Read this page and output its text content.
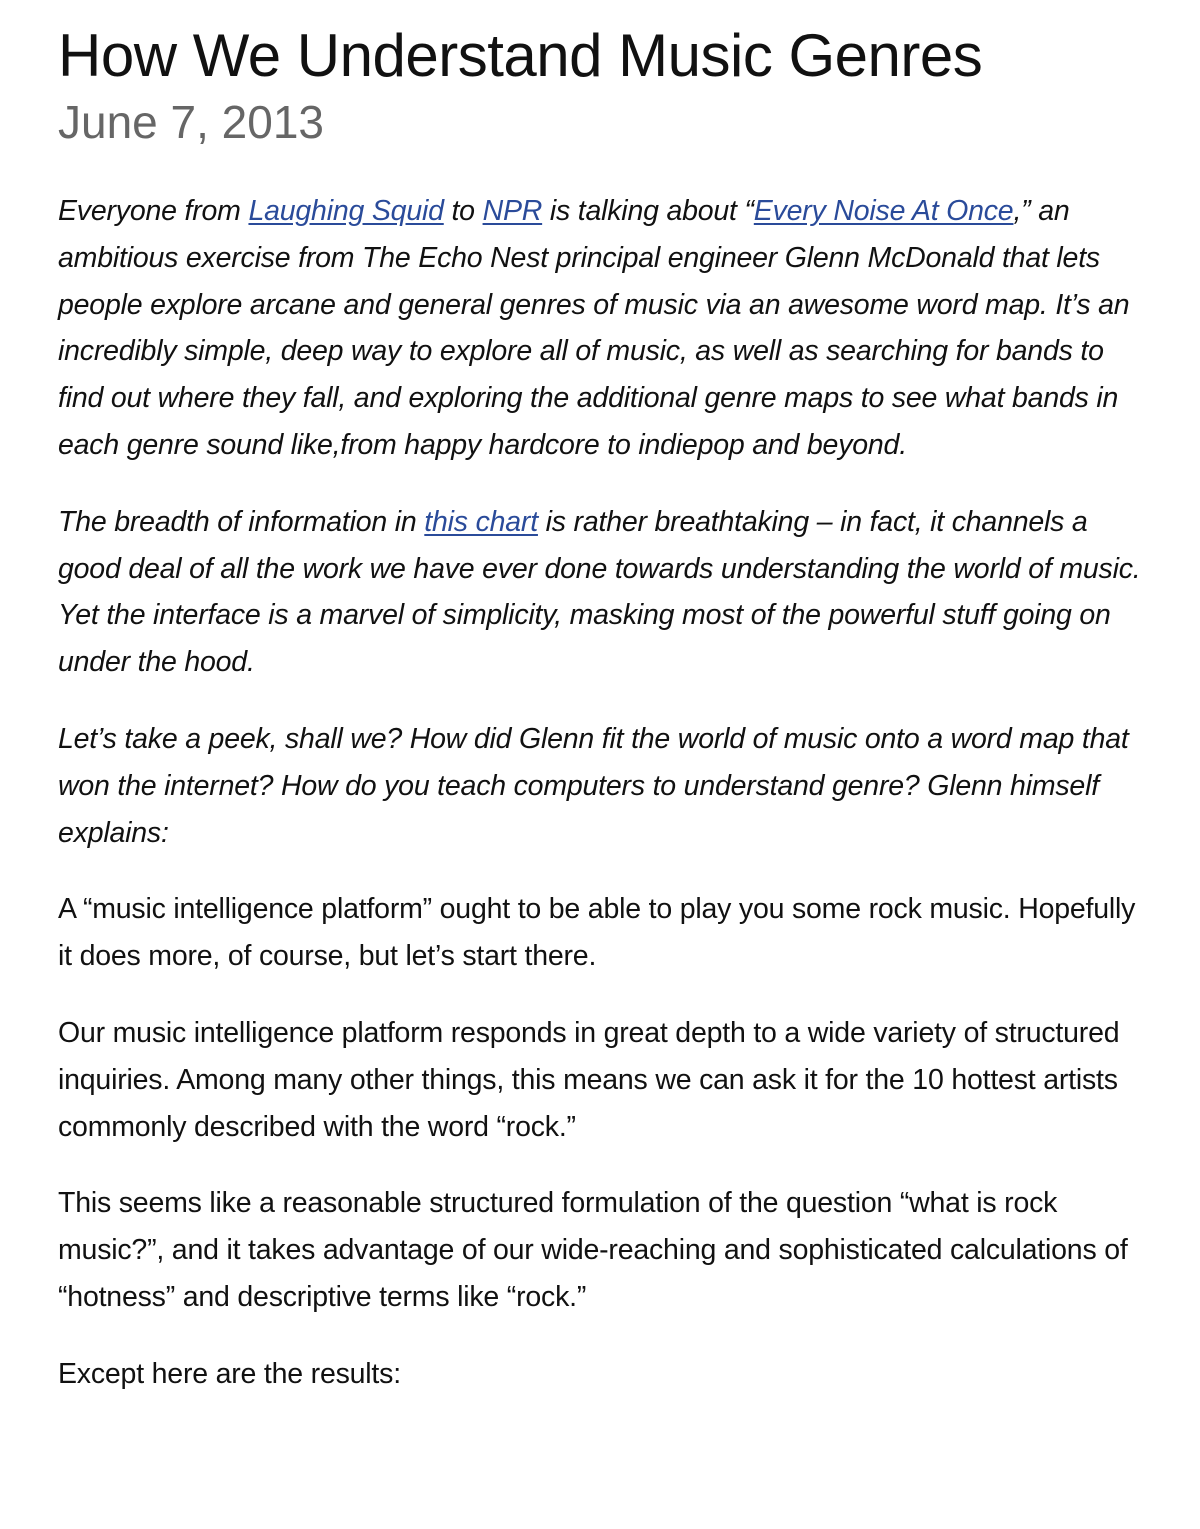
How We Understand Music Genres
June 7, 2013

Everyone from Laughing Squid to NPR is talking about “Every Noise At Once,” an ambitious exercise from The Echo Nest principal engineer Glenn McDonald that lets people explore arcane and general genres of music via an awesome word map. It’s an incredibly simple, deep way to explore all of music, as well as searching for bands to find out where they fall, and exploring the additional genre maps to see what bands in each genre sound like,from happy hardcore to indiepop and beyond.

The breadth of information in this chart is rather breathtaking – in fact, it channels a good deal of all the work we have ever done towards understanding the world of music. Yet the interface is a marvel of simplicity, masking most of the powerful stuff going on under the hood.

Let’s take a peek, shall we? How did Glenn fit the world of music onto a word map that won the internet? How do you teach computers to understand genre? Glenn himself explains:

A “music intelligence platform” ought to be able to play you some rock music. Hopefully it does more, of course, but let’s start there.

Our music intelligence platform responds in great depth to a wide variety of structured inquiries. Among many other things, this means we can ask it for the 10 hottest artists commonly described with the word “rock.”

This seems like a reasonable structured formulation of the question “what is rock music?”, and it takes advantage of our wide-reaching and sophisticated calculations of “hotness” and descriptive terms like “rock.”

Except here are the results:
